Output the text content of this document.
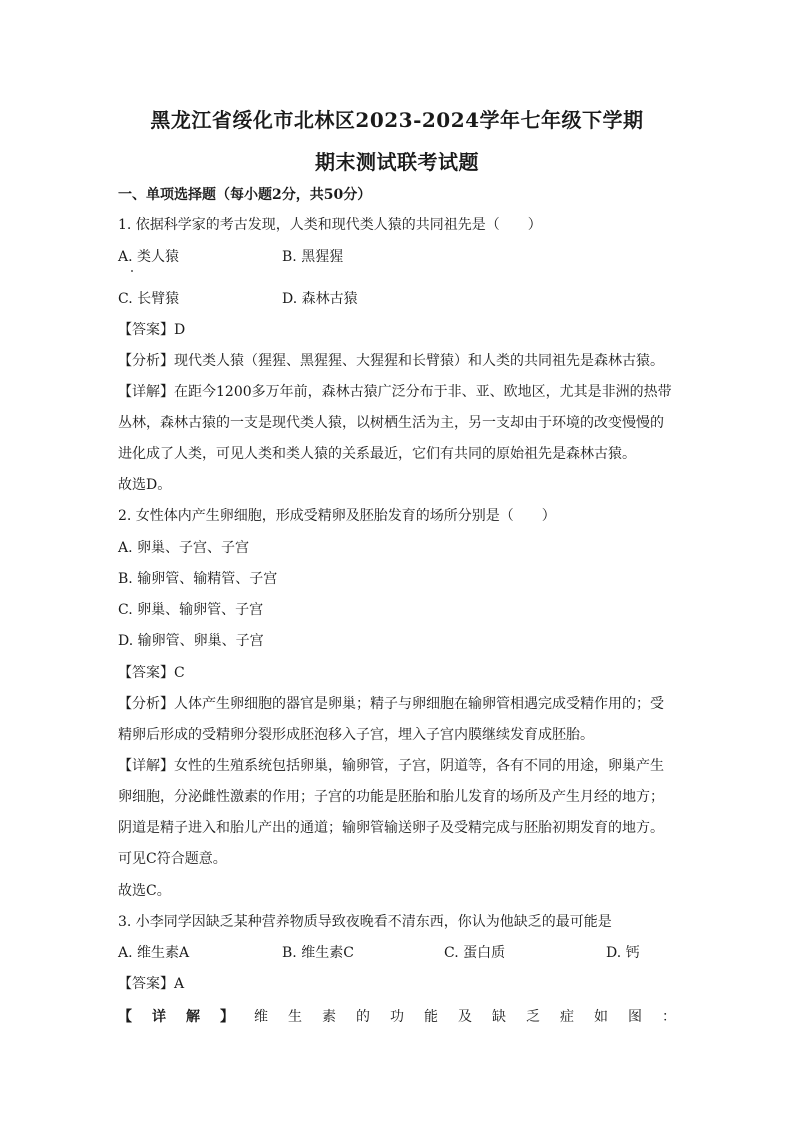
黑龙江省绥化市北林区2023-2024学年七年级下学期
期末测试联考试题
一、单项选择题（每小题2分，共50分）
1. 依据科学家的考古发现，人类和现代类人猿的共同祖先是（　　）
A. 类人猿	B. 黑猩猩
C. 长臂猿	D. 森林古猿
【答案】D
【分析】现代类人猿（猩猩、黑猩猩、大猩猩和长臂猿）和人类的共同祖先是森林古猿。
【详解】在距今1200多万年前，森林古猿广泛分布于非、亚、欧地区，尤其是非洲的热带
丛林，森林古猿的一支是现代类人猿，以树栖生活为主，另一支却由于环境的改变慢慢的
进化成了人类，可见人类和类人猿的关系最近，它们有共同的原始祖先是森林古猿。
故选D。
2. 女性体内产生卵细胞，形成受精卵及胚胎发育的场所分别是（　　）
A. 卵巢、子宫、子宫
B. 输卵管、输精管、子宫
C. 卵巢、输卵管、子宫
D. 输卵管、卵巢、子宫
【答案】C
【分析】人体产生卵细胞的器官是卵巢；精子与卵细胞在输卵管相遇完成受精作用的；受
精卵后形成的受精卵分裂形成胚泡移入子宫，埋入子宫内膜继续发育成胚胎。
【详解】女性的生殖系统包括卵巢，输卵管，子宫，阴道等，各有不同的用途，卵巢产生
卵细胞，分泌雌性激素的作用；子宫的功能是胚胎和胎儿发育的场所及产生月经的地方；
阴道是精子进入和胎儿产出的通道；输卵管输送卵子及受精完成与胚胎初期发育的地方。
可见C符合题意。
故选C。
3. 小李同学因缺乏某种营养物质导致夜晚看不清东西，你认为他缺乏的最可能是
A. 维生素A	B. 维生素C	C. 蛋白质	D. 钙
【答案】A
【 详 解 】 维 生 素 的 功 能 及 缺 乏 症 如 图 ：
